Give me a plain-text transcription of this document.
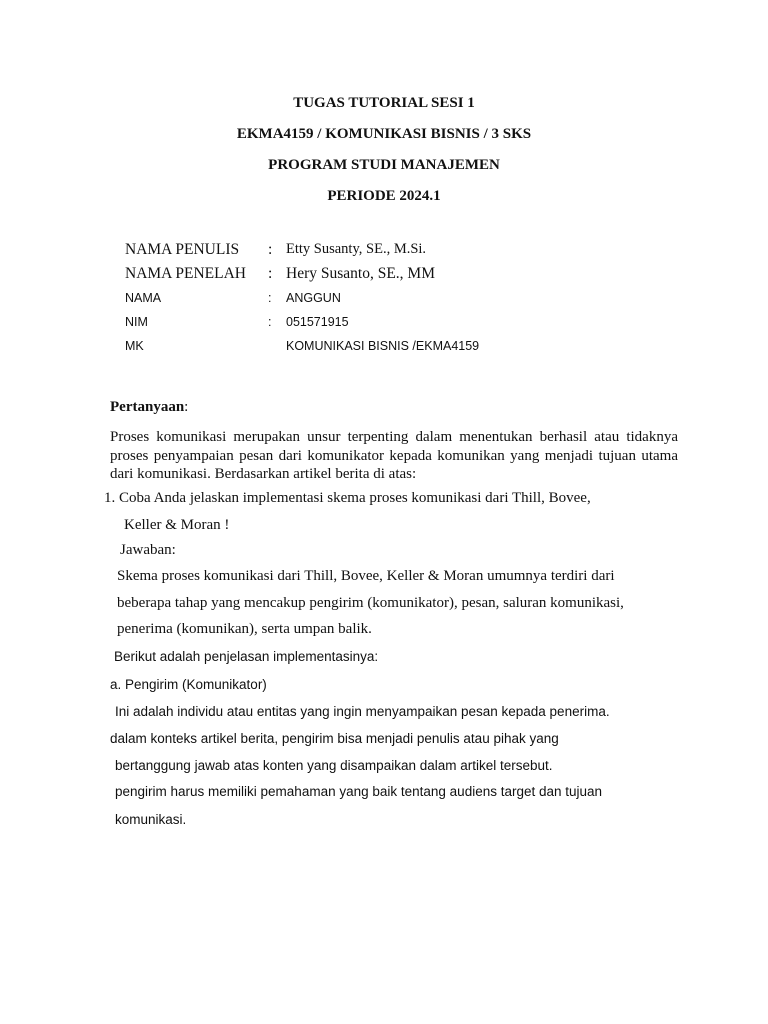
TUGAS TUTORIAL SESI 1
EKMA4159 / KOMUNIKASI BISNIS / 3 SKS
PROGRAM STUDI MANAJEMEN
PERIODE 2024.1
NAMA PENULIS : Etty Susanty, SE., M.Si.
NAMA PENELAH : Hery Susanto, SE., MM
NAMA	: ANGGUN
NIM	: 051571915
MK	KOMUNIKASI BISNIS /EKMA4159
Pertanyaan:
Proses komunikasi merupakan unsur terpenting dalam menentukan berhasil atau tidaknya
proses penyampaian pesan dari komunikator kepada komunikan yang menjadi tujuan utama
dari komunikasi. Berdasarkan artikel berita di atas:
1. Coba Anda jelaskan implementasi skema proses komunikasi dari Thill, Bovee,
Keller & Moran !
Jawaban:
Skema proses komunikasi dari Thill, Bovee, Keller & Moran umumnya terdiri dari
beberapa tahap yang mencakup pengirim (komunikator), pesan, saluran komunikasi,
penerima (komunikan), serta umpan balik.
Berikut adalah penjelasan implementasinya:
a. Pengirim (Komunikator)
Ini adalah individu atau entitas yang ingin menyampaikan pesan kepada penerima.
dalam konteks artikel berita, pengirim bisa menjadi penulis atau pihak yang
bertanggung jawab atas konten yang disampaikan dalam artikel tersebut.
pengirim harus memiliki pemahaman yang baik tentang audiens target dan tujuan
komunikasi.
